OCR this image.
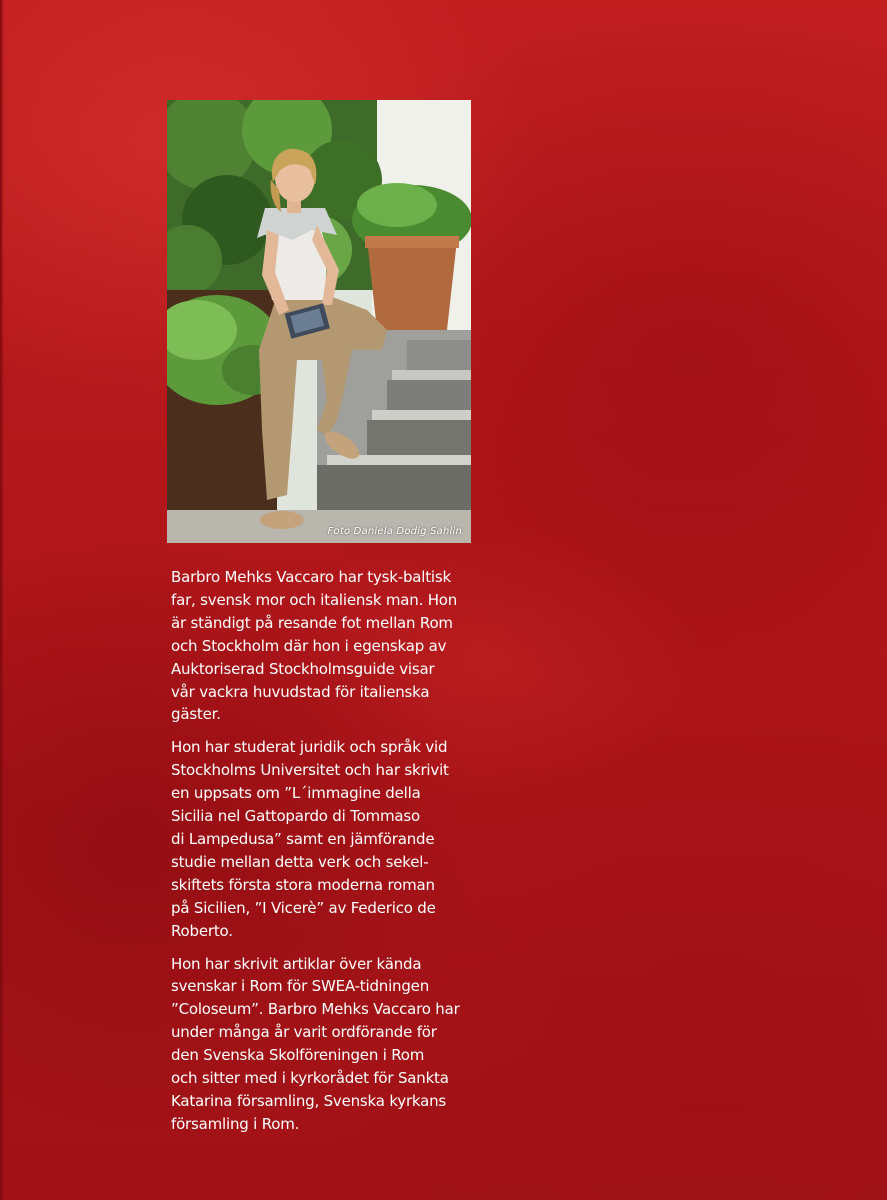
Foto Daniela Dodig Sahlin

Barbro Mehks Vaccaro har tysk-baltisk
far, svensk mor och italiensk man. Hon
är ständigt på resande fot mellan Rom
och Stockholm där hon i egenskap av
Auktoriserad Stockholmsguide visar
vår vackra huvudstad för italienska
gäster.

Hon har studerat juridik och språk vid
Stockholms Universitet och har skrivit
en uppsats om ”L´immagine della
Sicilia nel Gattopardo di Tommaso
di Lampedusa” samt en jämförande
studie mellan detta verk och sekel-
skiftets första stora moderna roman
på Sicilien, ”I Vicerè” av Federico de
Roberto.

Hon har skrivit artiklar över kända
svenskar i Rom för SWEA-tidningen
”Coloseum”. Barbro Mehks Vaccaro har
under många år varit ordförande för
den Svenska Skolföreningen i Rom
och sitter med i kyrkorådet för Sankta
Katarina församling, Svenska kyrkans
församling i Rom.
